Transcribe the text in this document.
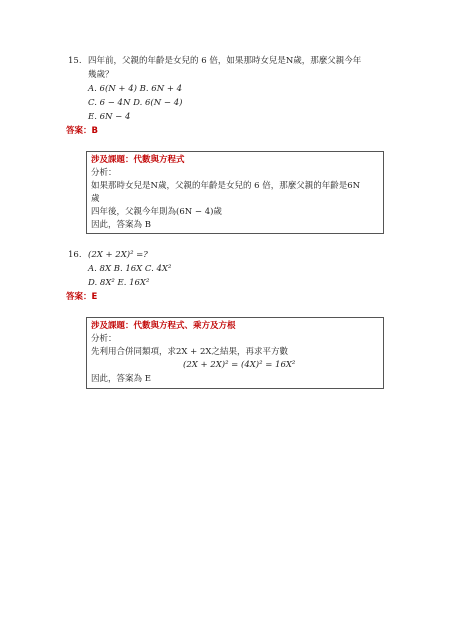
15. 四年前，父親的年齡是女兒的 6 倍，如果那時女兒是N歲，那麼父親今年
幾歲？
A. 6(N + 4) B. 6N + 4
C. 6 − 4N D. 6(N − 4)
E. 6N − 4
答案：B
涉及課題：代數與方程式
分析：
如果那時女兒是N歲，父親的年齡是女兒的 6 倍，那麼父親的年齡是6N
歲
四年後，父親今年則為(6N − 4)歲
因此，答案為 B
16. (2X + 2X)² =?
A. 8X B. 16X C. 4X²
D. 8X² E. 16X²
答案：E
涉及課題：代數與方程式、乘方及方根
分析：
先利用合併同類項，求2X + 2X之結果，再求平方數
(2X + 2X)² = (4X)² = 16X²
因此，答案為 E
